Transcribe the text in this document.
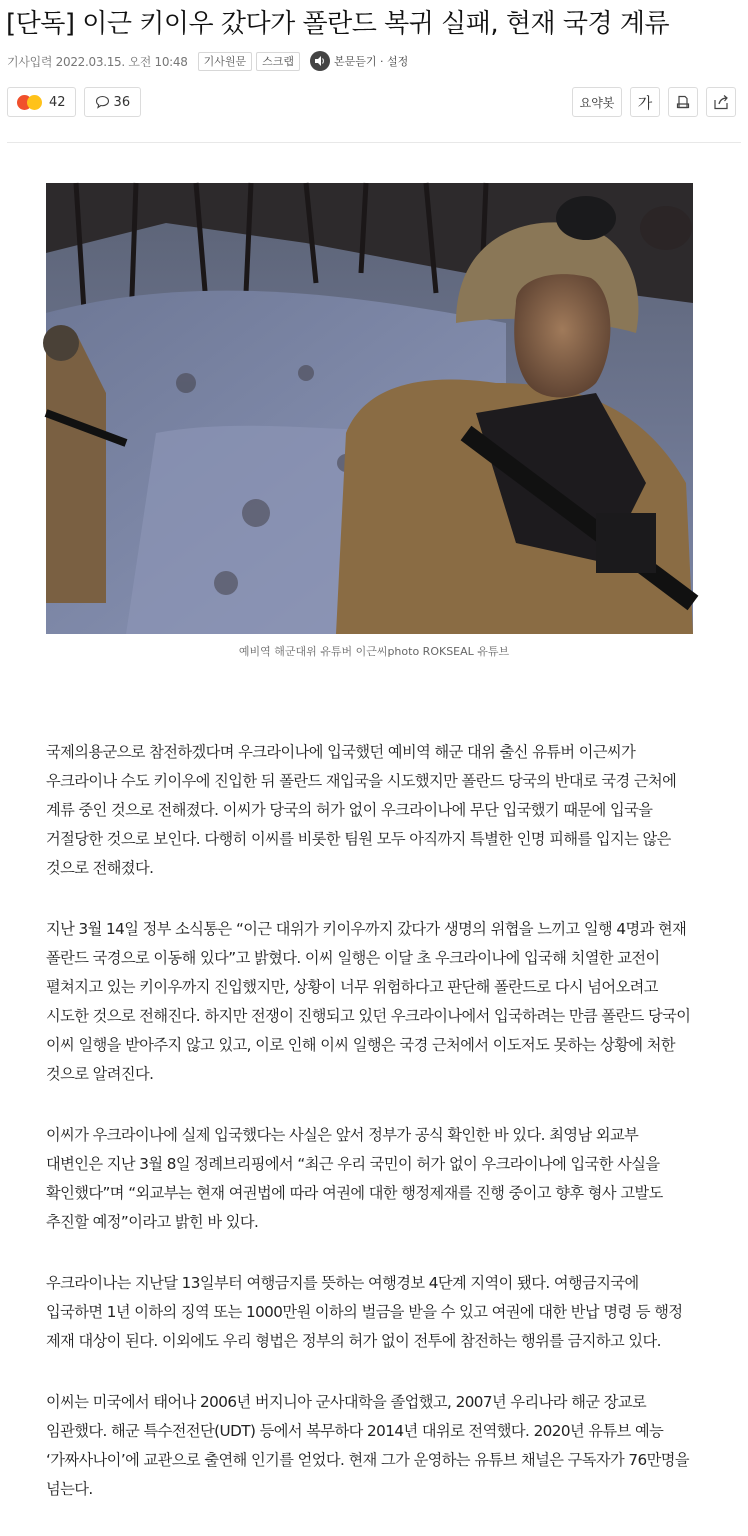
[단독] 이근 키이우 갔다가 폴란드 복귀 실패, 현재 국경 계류
기사입력 2022.03.15. 오전 10:48	기사원문	스크랩	본문듣기 · 설정
42	36	요약봇	가
예비역 해군대위 유튜버 이근씨photo ROKSEAL 유튜브

국제의용군으로 참전하겠다며 우크라이나에 입국했던 예비역 해군 대위 출신 유튜버 이근씨가 우크라이나 수도 키이우에 진입한 뒤 폴란드 재입국을 시도했지만 폴란드 당국의 반대로 국경 근처에 계류 중인 것으로 전해졌다. 이씨가 당국의 허가 없이 우크라이나에 무단 입국했기 때문에 입국을 거절당한 것으로 보인다. 다행히 이씨를 비롯한 팀원 모두 아직까지 특별한 인명 피해를 입지는 않은 것으로 전해졌다.

지난 3월 14일 정부 소식통은 “이근 대위가 키이우까지 갔다가 생명의 위협을 느끼고 일행 4명과 현재 폴란드 국경으로 이동해 있다”고 밝혔다. 이씨 일행은 이달 초 우크라이나에 입국해 치열한 교전이 펼쳐지고 있는 키이우까지 진입했지만, 상황이 너무 위험하다고 판단해 폴란드로 다시 넘어오려고 시도한 것으로 전해진다. 하지만 전쟁이 진행되고 있던 우크라이나에서 입국하려는 만큼 폴란드 당국이 이씨 일행을 받아주지 않고 있고, 이로 인해 이씨 일행은 국경 근처에서 이도저도 못하는 상황에 처한 것으로 알려진다.

이씨가 우크라이나에 실제 입국했다는 사실은 앞서 정부가 공식 확인한 바 있다. 최영남 외교부 대변인은 지난 3월 8일 정례브리핑에서 “최근 우리 국민이 허가 없이 우크라이나에 입국한 사실을 확인했다”며 “외교부는 현재 여권법에 따라 여권에 대한 행정제재를 진행 중이고 향후 형사 고발도 추진할 예정”이라고 밝힌 바 있다.

우크라이나는 지난달 13일부터 여행금지를 뜻하는 여행경보 4단계 지역이 됐다. 여행금지국에 입국하면 1년 이하의 징역 또는 1000만원 이하의 벌금을 받을 수 있고 여권에 대한 반납 명령 등 행정 제재 대상이 된다. 이외에도 우리 형법은 정부의 허가 없이 전투에 참전하는 행위를 금지하고 있다.

이씨는 미국에서 태어나 2006년 버지니아 군사대학을 졸업했고, 2007년 우리나라 해군 장교로 임관했다. 해군 특수전전단(UDT) 등에서 복무하다 2014년 대위로 전역했다. 2020년 유튜브 예능 ‘가짜사나이’에 교관으로 출연해 인기를 얻었다. 현재 그가 운영하는 유튜브 채널은 구독자가 76만명을 넘는다.
